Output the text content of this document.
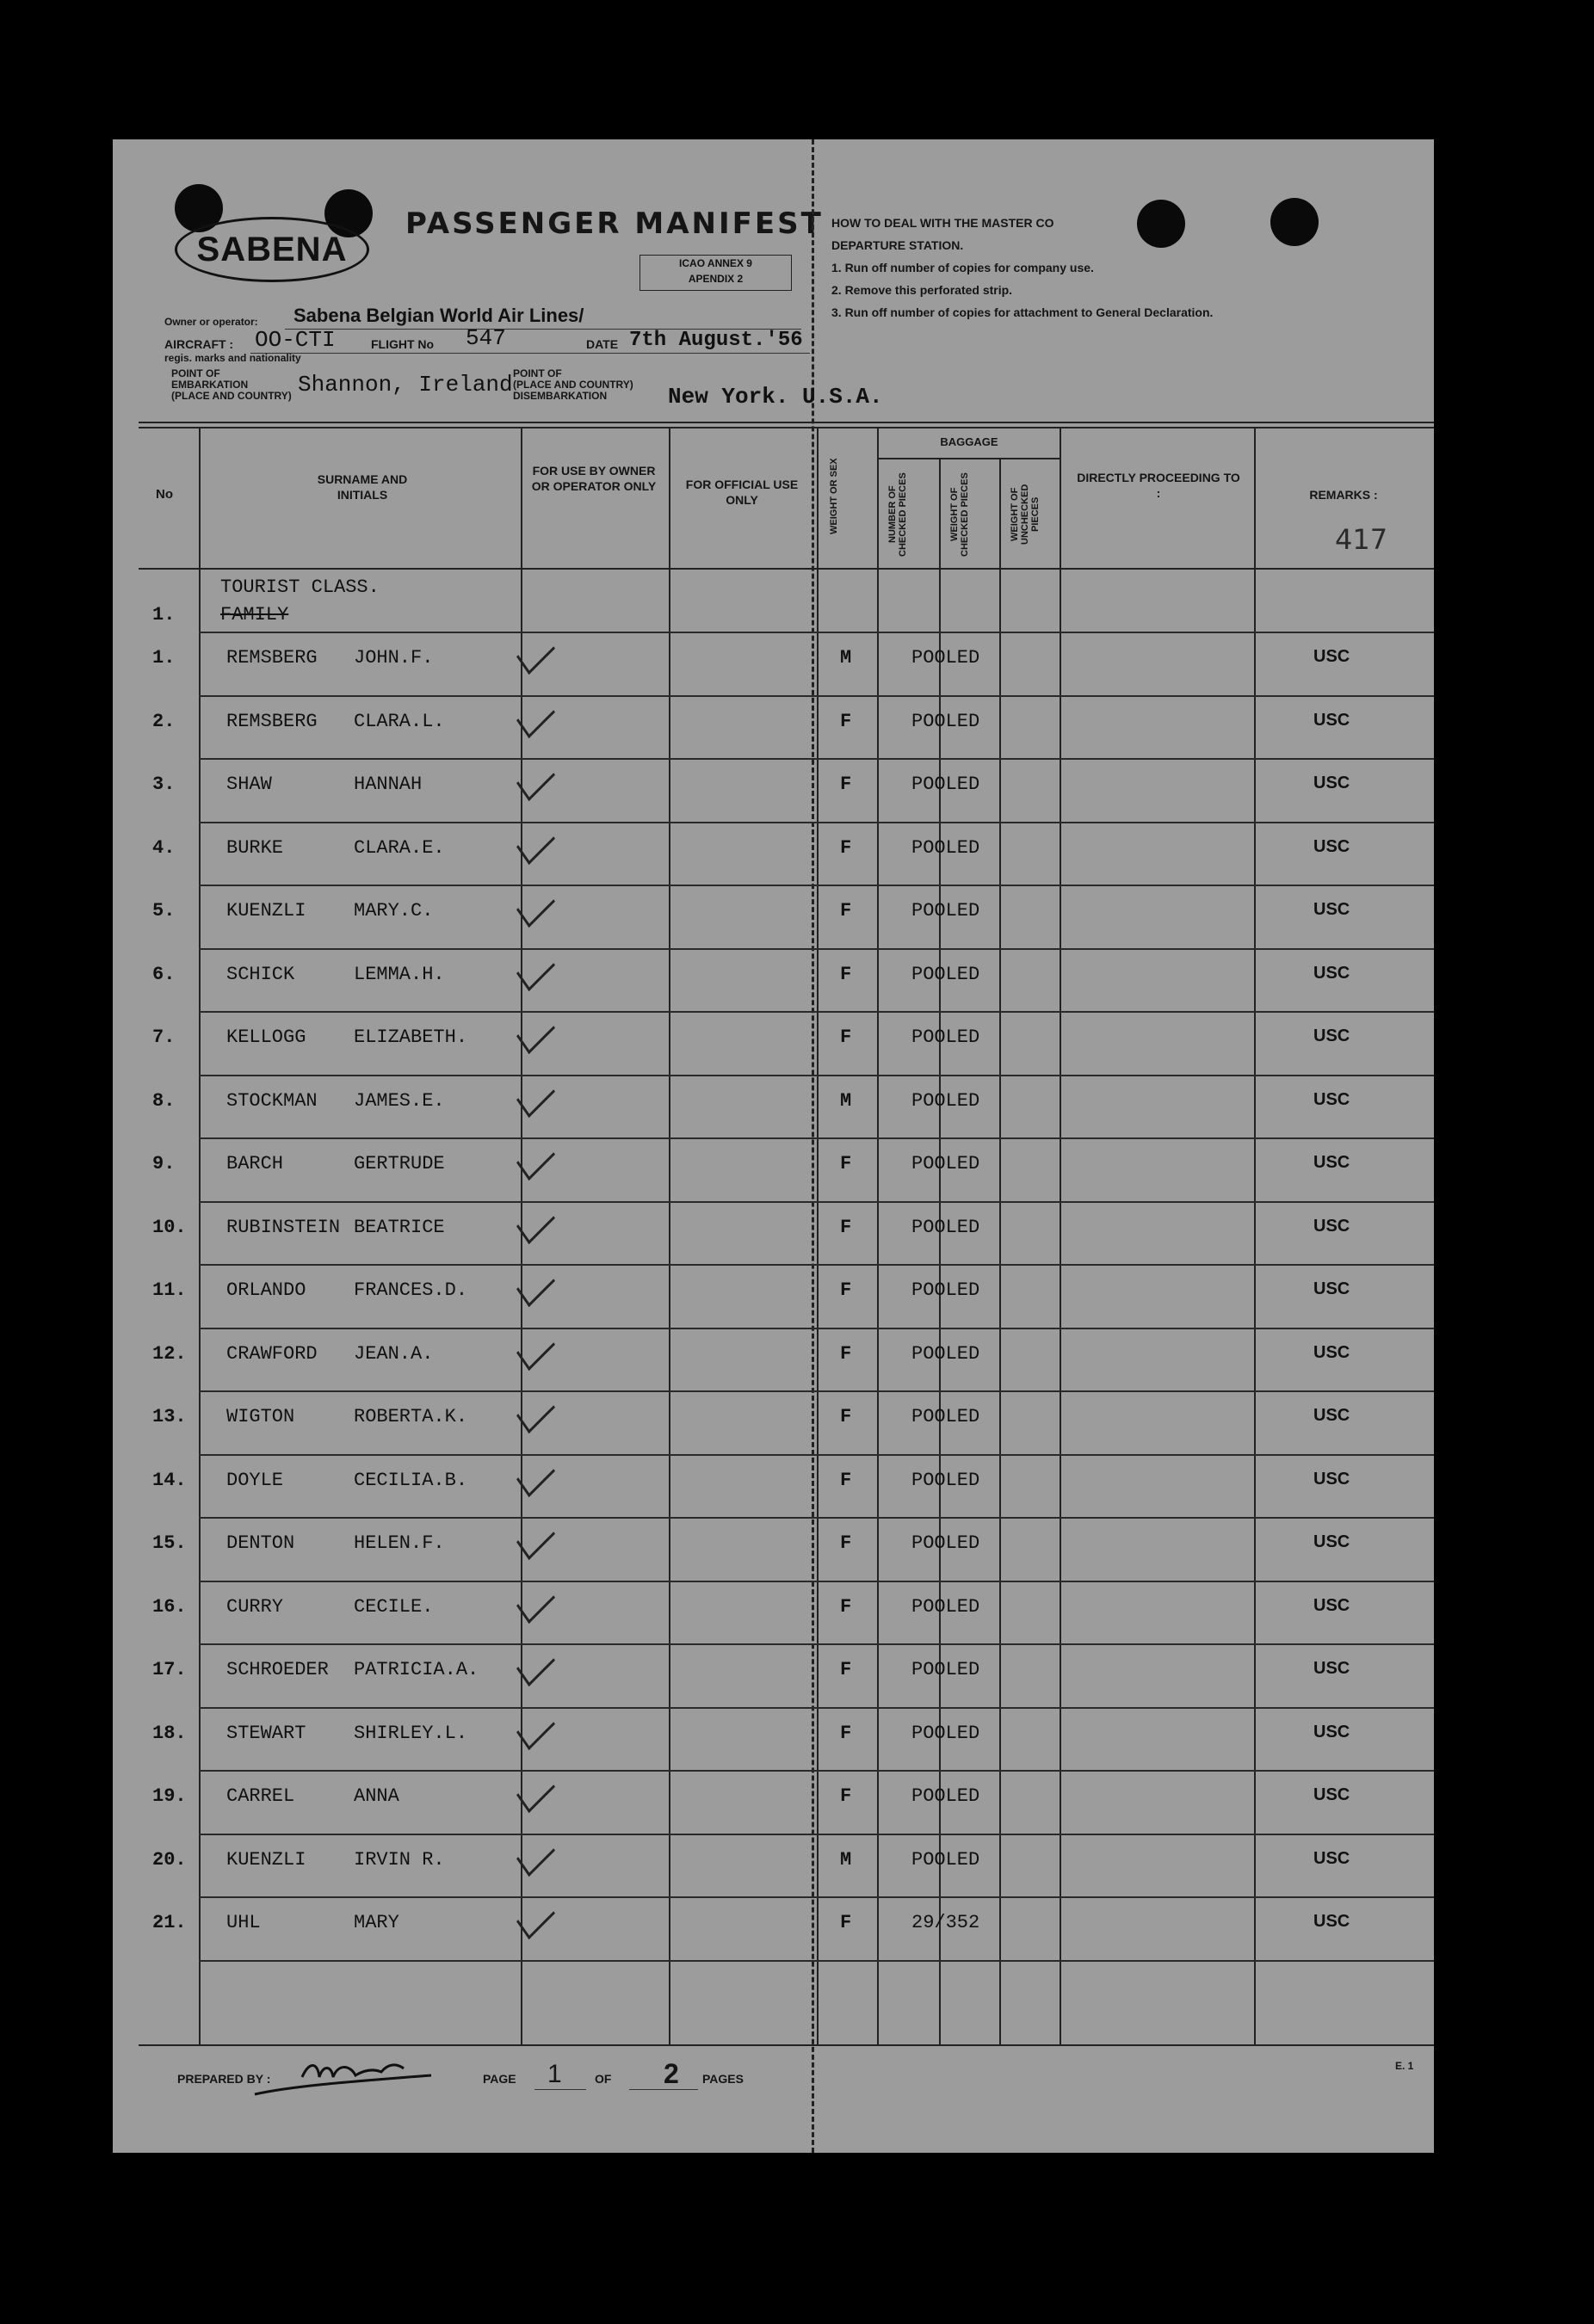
SABENA
PASSENGER MANIFEST
ICAO ANNEX 9
APENDIX 2
HOW TO DEAL WITH THE MASTER CO
DEPARTURE STATION.
1. Run off number of copies for company use.
2. Remove this perforated strip.
3. Run off number of copies for attachment to General Declaration.
Owner or operator: Sabena Belgian World Air Lines/
AIRCRAFT : OO-CTI
regis. marks and nationality
FLIGHT No 547	DATE 7th August.'56
POINT OF
EMBARKATION
(PLACE AND COUNTRY) Shannon, Ireland POINT OF
(PLACE AND COUNTRY)
DISEMBARKATION	New York. U.S.A.
No
SURNAME AND INITIALS
FOR USE BY OWNER OR OPERATOR ONLY	FOR OFFICIAL USE ONLY	WEIGHT OR SEX
BAGGAGE
NUMBER OF CHECKED PIECES	WEIGHT OF CHECKED PIECES	WEIGHT OF UNCHECKED PIECES
DIRECTLY PROCEEDING TO :	REMARKS :
417
TOURIST CLASS.
1. FAMILY
1.	REMSBERG JOHN.F.	M	POOLED	USC
2.	REMSBERG CLARA.L.	F	POOLED	USC
3.	SHAW	HANNAH	F	POOLED	USC
4.	BURKE	CLARA.E.	F	POOLED	USC
5.	KUENZLI	MARY.C.	F	POOLED	USC
6.	SCHICK	LEMMA.H.	F	POOLED	USC
7.	KELLOGG	ELIZABETH.	F	POOLED	USC
8.	STOCKMAN JAMES.E.	M	POOLED	USC
9.	BARCH	GERTRUDE	F	POOLED	USC
10. RUBINSTEIN BEATRICE	F	POOLED	USC
11. ORLANDO	FRANCES.D.	F	POOLED	USC
12. CRAWFORD JEAN.A.	F	POOLED	USC
13. WIGTON	ROBERTA.K.	F	POOLED	USC
14. DOYLE	CECILIA.B.	F	POOLED	USC
15. DENTON	HELEN.F.	F	POOLED	USC
16. CURRY	CECILE.	F	POOLED	USC
17. SCHROEDER PATRICIA.A.	F	POOLED	USC
18. STEWART	SHIRLEY.L.	F	POOLED	USC
19. CARREL	ANNA	F	POOLED	USC
20. KUENZLI	IRVIN R.	M	POOLED	USC
21. UHL	MARY	F	29/352	USC
PREPARED BY :	PAGE 1	OF 2 PAGES
E. 1
